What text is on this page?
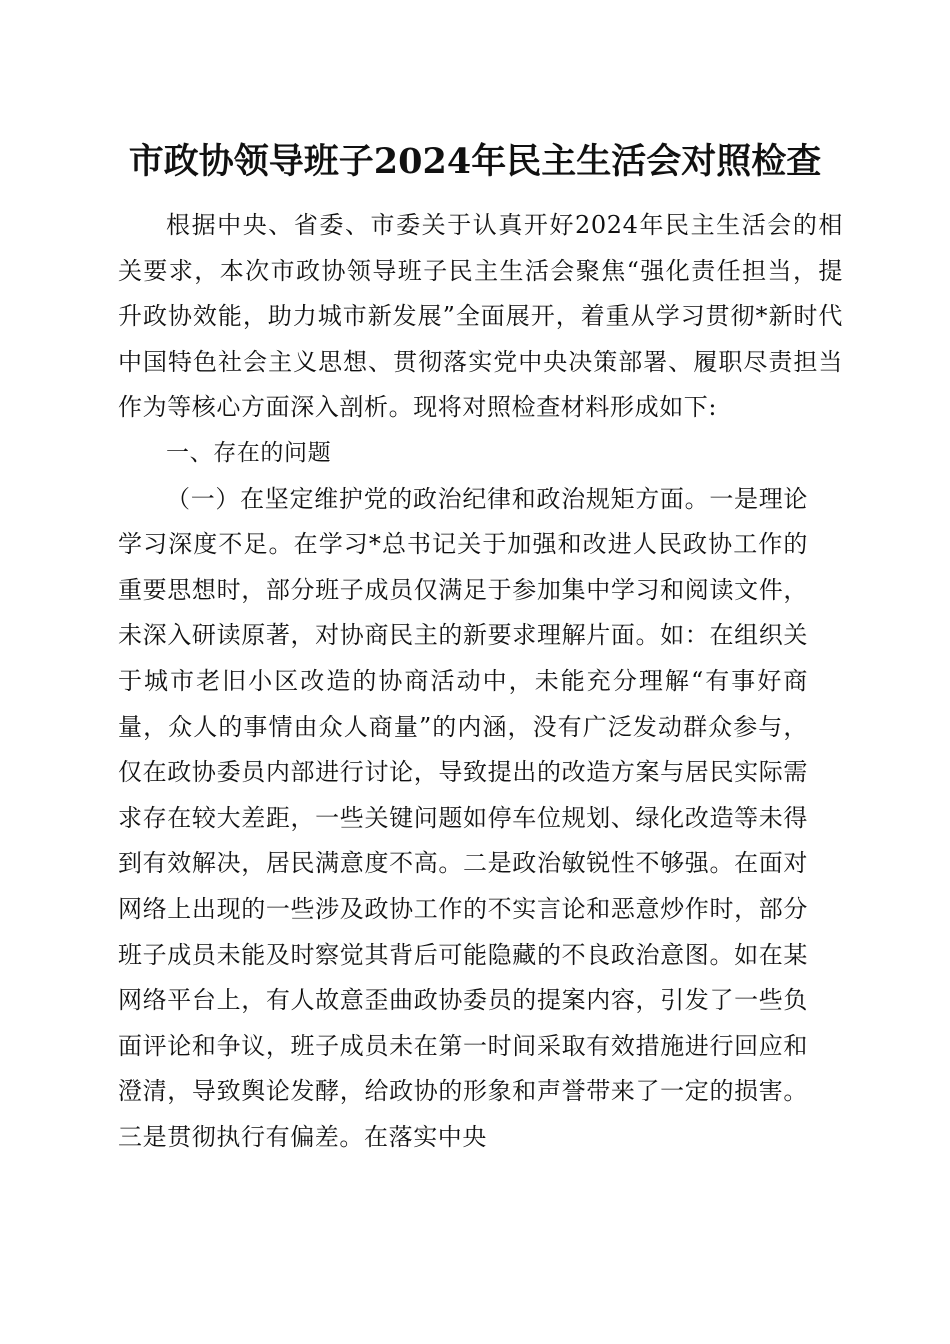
市政协领导班子2024年民主生活会对照检查

根据中央、省委、市委关于认真开好2024年民主生活会的相关要求，本次市政协领导班子民主生活会聚焦“强化责任担当，提升政协效能，助力城市新发展”全面展开，着重从学习贯彻*新时代中国特色社会主义思想、贯彻落实党中央决策部署、履职尽责担当作为等核心方面深入剖析。现将对照检查材料形成如下:

一、存在的问题

（一）在坚定维护党的政治纪律和政治规矩方面。一是理论学习深度不足。在学习*总书记关于加强和改进人民政协工作的重要思想时，部分班子成员仅满足于参加集中学习和阅读文件，未深入研读原著，对协商民主的新要求理解片面。如：在组织关于城市老旧小区改造的协商活动中，未能充分理解“有事好商量，众人的事情由众人商量”的内涵，没有广泛发动群众参与，仅在政协委员内部进行讨论，导致提出的改造方案与居民实际需求存在较大差距，一些关键问题如停车位规划、绿化改造等未得到有效解决，居民满意度不高。二是政治敏锐性不够强。在面对网络上出现的一些涉及政协工作的不实言论和恶意炒作时，部分班子成员未能及时察觉其背后可能隐藏的不良政治意图。如在某网络平台上，有人故意歪曲政协委员的提案内容，引发了一些负面评论和争议，班子成员未在第一时间采取有效措施进行回应和澄清，导致舆论发酵，给政协的形象和声誉带来了一定的损害。三是贯彻执行有偏差。在落实中央
